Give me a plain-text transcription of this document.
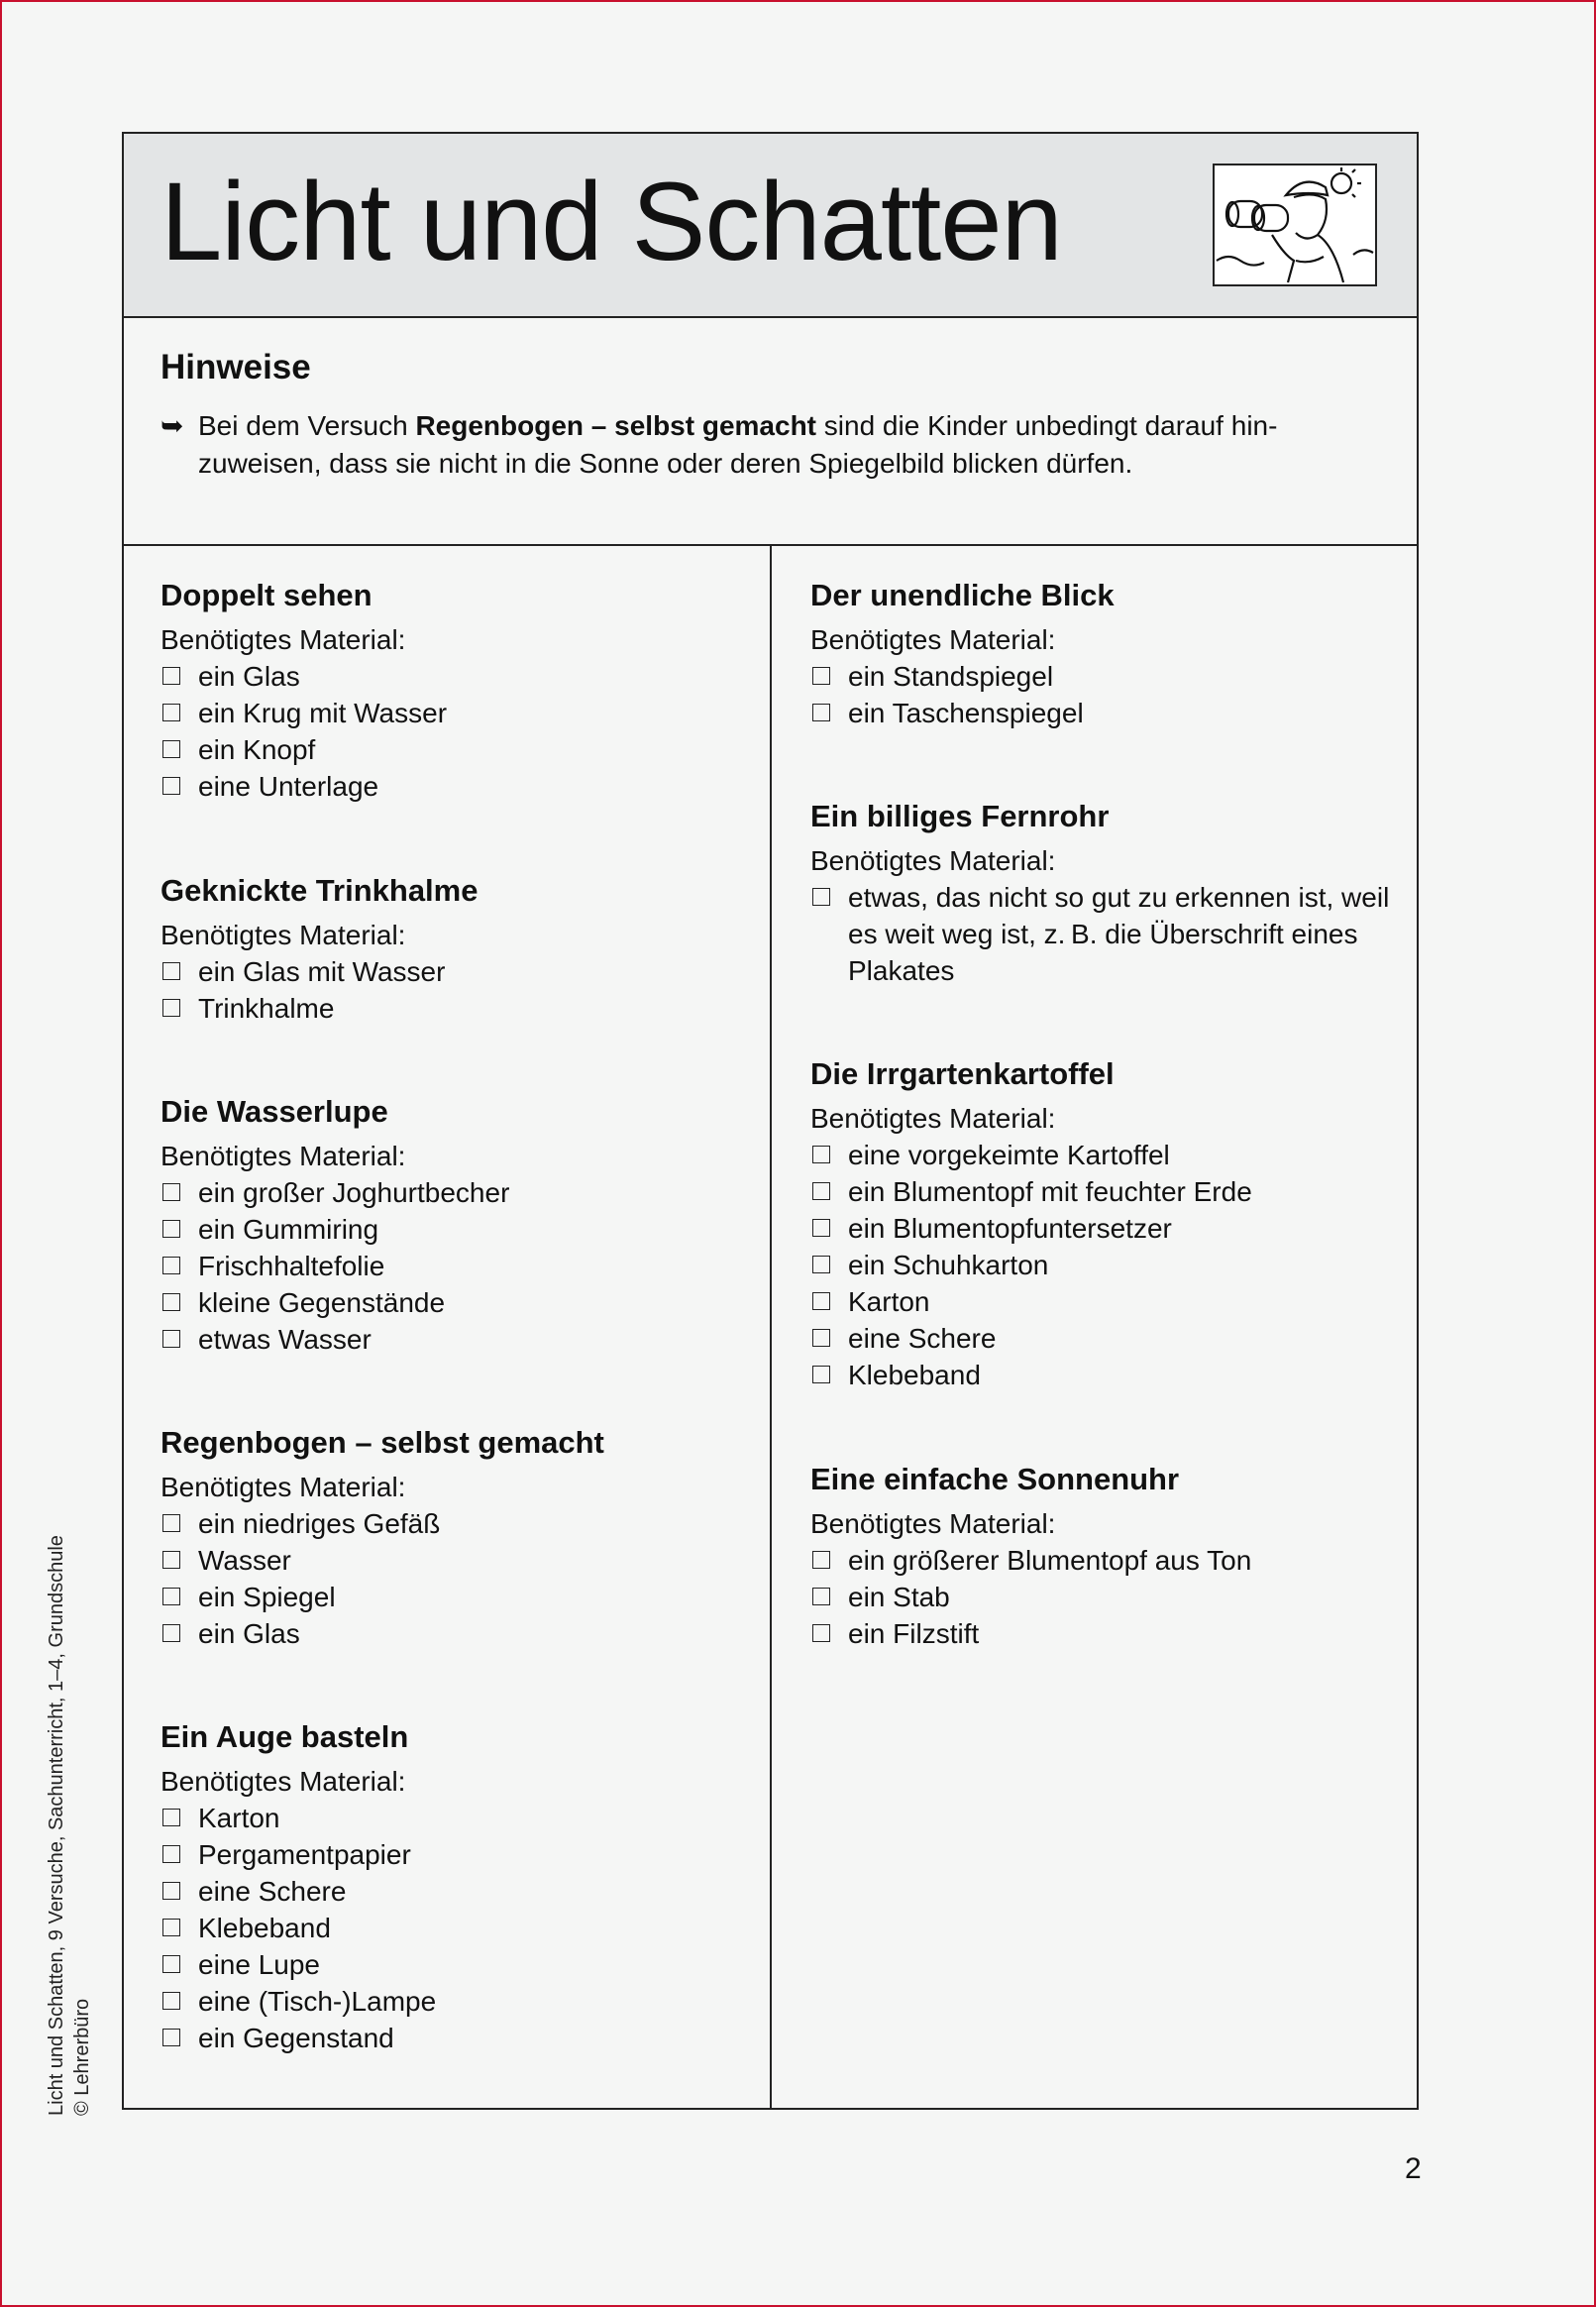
Licht und Schatten
Hinweise
➥ Bei dem Versuch Regenbogen – selbst gemacht sind die Kinder unbedingt darauf hin-zuweisen, dass sie nicht in die Sonne oder deren Spiegelbild blicken dürfen.
Doppelt sehen
Benötigtes Material:
ein Glas
ein Krug mit Wasser
ein Knopf
eine Unterlage
Geknickte Trinkhalme
Benötigtes Material:
ein Glas mit Wasser
Trinkhalme
Die Wasserlupe
Benötigtes Material:
ein großer Joghurtbecher
ein Gummiring
Frischhaltefolie
kleine Gegenstände
etwas Wasser
Regenbogen – selbst gemacht
Benötigtes Material:
ein niedriges Gefäß
Wasser
ein Spiegel
ein Glas
Ein Auge basteln
Benötigtes Material:
Karton
Pergamentpapier
eine Schere
Klebeband
eine Lupe
eine (Tisch-)Lampe
ein Gegenstand
Der unendliche Blick
Benötigtes Material:
ein Standspiegel
ein Taschenspiegel
Ein billiges Fernrohr
Benötigtes Material:
etwas, das nicht so gut zu erkennen ist, weil es weit weg ist, z. B. die Überschrift eines Plakates
Die Irrgartenkartoffel
Benötigtes Material:
eine vorgekeimte Kartoffel
ein Blumentopf mit feuchter Erde
ein Blumentopfuntersetzer
ein Schuhkarton
Karton
eine Schere
Klebeband
Eine einfache Sonnenuhr
Benötigtes Material:
ein größerer Blumentopf aus Ton
ein Stab
ein Filzstift
Licht und Schatten, 9 Versuche, Sachunterricht, 1–4, Grundschule © Lehrerbüro
2
